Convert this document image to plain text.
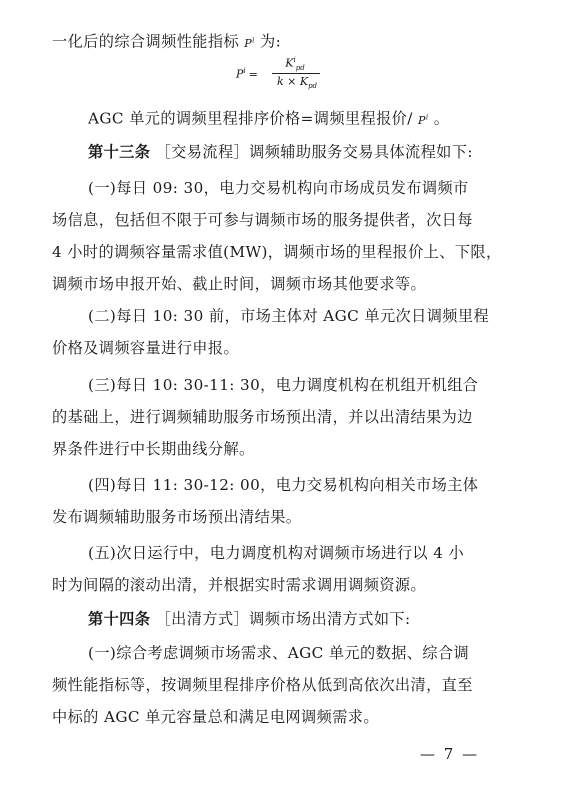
一化后的综合调频性能指标 $P^i$ 为:
$P^i$ =
$K^i_{pd}$
$k \times K_{pd}$
AGC 单元的调频里程排序价格=调频里程报价/ $P^i$ 。
第十三条 ［交易流程］调频辅助服务交易具体流程如下:
(一)每日 09: 30，电力交易机构向市场成员发布调频市
场信息，包括但不限于可参与调频市场的服务提供者，次日每
4 小时的调频容量需求值(MW)，调频市场的里程报价上、下限，
调频市场申报开始、截止时间，调频市场其他要求等。
(二)每日 10: 30 前，市场主体对 AGC 单元次日调频里程
价格及调频容量进行申报。
(三)每日 10: 30-11: 30，电力调度机构在机组开机组合
的基础上，进行调频辅助服务市场预出清，并以出清结果为边
界条件进行中长期曲线分解。
(四)每日 11: 30-12: 00，电力交易机构向相关市场主体
发布调频辅助服务市场预出清结果。
(五)次日运行中，电力调度机构对调频市场进行以 4 小
时为间隔的滚动出清，并根据实时需求调用调频资源。
第十四条 ［出清方式］调频市场出清方式如下:
(一)综合考虑调频市场需求、AGC 单元的数据、综合调
频性能指标等，按调频里程排序价格从低到高依次出清，直至
中标的 AGC 单元容量总和满足电网调频需求。
— 7 —
